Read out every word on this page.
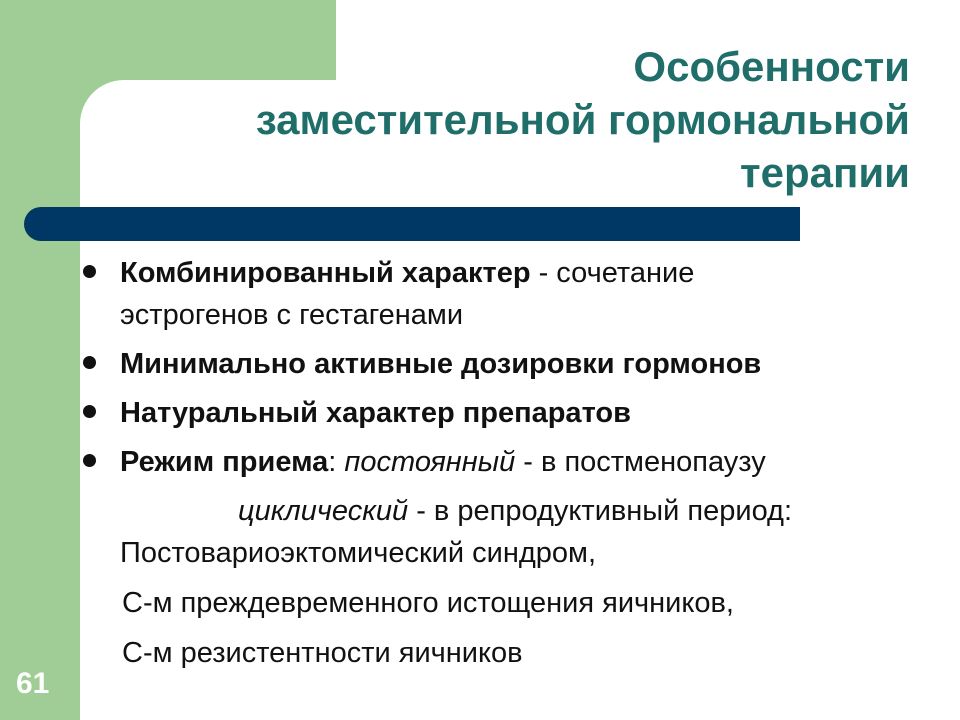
Особенности
заместительной гормональной
терапии
Комбинированный характер - сочетание
эстрогенов с гестагенами
Минимально активные дозировки гормонов
Натуральный характер препаратов
Режим приема: постоянный - в постменопаузу
циклический - в репродуктивный период:
Постовариоэктомический синдром,
С-м преждевременного истощения яичников,
С-м резистентности яичников
61
